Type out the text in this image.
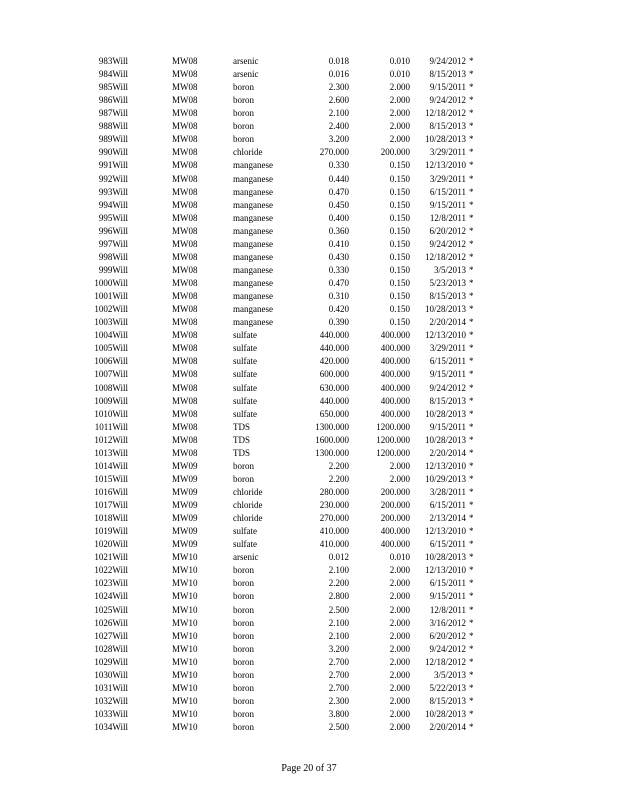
983Will	MW08	arsenic	0.018	0.010 9/24/2012 *
984Will	MW08	arsenic	0.016	0.010 8/15/2013 *
985Will	MW08	boron	2.300	2.000 9/15/2011 *
986Will	MW08	boron	2.600	2.000 9/24/2012 *
987Will	MW08	boron	2.100	2.000 12/18/2012 *
988Will	MW08	boron	2.400	2.000 8/15/2013 *
989Will	MW08	boron	3.200	2.000 10/28/2013 *
990Will	MW08	chloride	270.000	200.000 3/29/2011 *
991Will	MW08	manganese	0.330	0.150 12/13/2010 *
992Will	MW08	manganese	0.440	0.150 3/29/2011 *
993Will	MW08	manganese	0.470	0.150 6/15/2011 *
994Will	MW08	manganese	0.450	0.150 9/15/2011 *
995Will	MW08	manganese	0.400	0.150 12/8/2011 *
996Will	MW08	manganese	0.360	0.150 6/20/2012 *
997Will	MW08	manganese	0.410	0.150 9/24/2012 *
998Will	MW08	manganese	0.430	0.150 12/18/2012 *
999Will	MW08	manganese	0.330	0.150	3/5/2013 *
1000Will	MW08	manganese	0.470	0.150 5/23/2013 *
1001Will	MW08	manganese	0.310	0.150 8/15/2013 *
1002Will	MW08	manganese	0.420	0.150 10/28/2013 *
1003Will	MW08	manganese	0.390	0.150 2/20/2014 *
1004Will	MW08	sulfate	440.000	400.000 12/13/2010 *
1005Will	MW08	sulfate	440.000	400.000 3/29/2011 *
1006Will	MW08	sulfate	420.000	400.000 6/15/2011 *
1007Will	MW08	sulfate	600.000	400.000 9/15/2011 *
1008Will	MW08	sulfate	630.000	400.000 9/24/2012 *
1009Will	MW08	sulfate	440.000	400.000 8/15/2013 *
1010Will	MW08	sulfate	650.000	400.000 10/28/2013 *
1011Will	MW08	TDS	1300.000	1200.000 9/15/2011 *
1012Will	MW08	TDS	1600.000	1200.000 10/28/2013 *
1013Will	MW08	TDS	1300.000	1200.000 2/20/2014 *
1014Will	MW09	boron	2.200	2.000 12/13/2010 *
1015Will	MW09	boron	2.200	2.000 10/29/2013 *
1016Will	MW09	chloride	280.000	200.000 3/28/2011 *
1017Will	MW09	chloride	230.000	200.000 6/15/2011 *
1018Will	MW09	chloride	270.000	200.000 2/13/2014 *
1019Will	MW09	sulfate	410.000	400.000 12/13/2010 *
1020Will	MW09	sulfate	410.000	400.000 6/15/2011 *
1021Will	MW10	arsenic	0.012	0.010 10/28/2013 *
1022Will	MW10	boron	2.100	2.000 12/13/2010 *
1023Will	MW10	boron	2.200	2.000 6/15/2011 *
1024Will	MW10	boron	2.800	2.000 9/15/2011 *
1025Will	MW10	boron	2.500	2.000 12/8/2011 *
1026Will	MW10	boron	2.100	2.000 3/16/2012 *
1027Will	MW10	boron	2.100	2.000 6/20/2012 *
1028Will	MW10	boron	3.200	2.000 9/24/2012 *
1029Will	MW10	boron	2.700	2.000 12/18/2012 *
1030Will	MW10	boron	2.700	2.000	3/5/2013 *
1031Will	MW10	boron	2.700	2.000 5/22/2013 *
1032Will	MW10	boron	2.300	2.000 8/15/2013 *
1033Will	MW10	boron	3.800	2.000 10/28/2013 *
1034Will	MW10	boron	2.500	2.000 2/20/2014 *
Page 20 of 37
